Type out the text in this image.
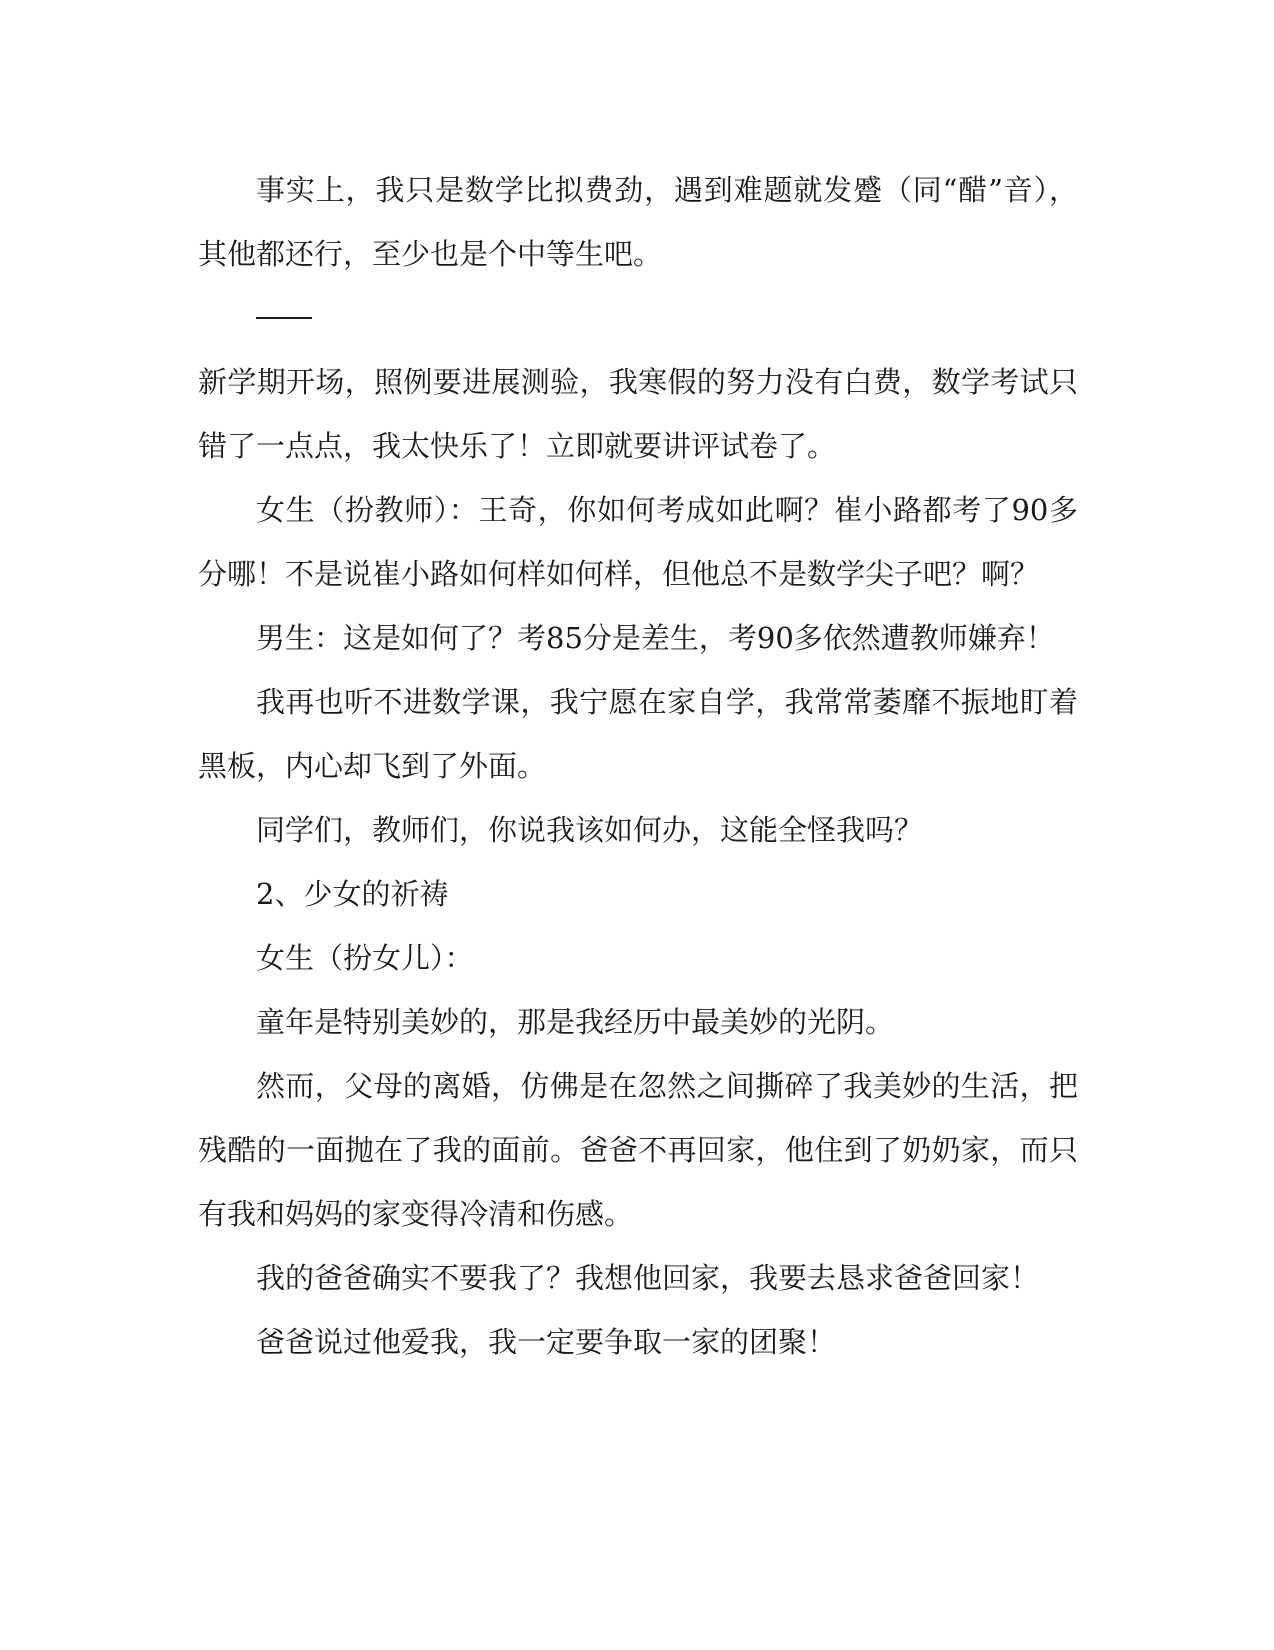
事实上，我只是数学比拟费劲，遇到难题就发蹙（同“醋”音），其他都还行，至少也是个中等生吧。

新学期开场，照例要进展测验，我寒假的努力没有白费，数学考试只错了一点点，我太快乐了！立即就要讲评试卷了。

女生（扮教师）：王奇，你如何考成如此啊？崔小路都考了90多分哪！不是说崔小路如何样如何样，但他总不是数学尖子吧？啊？

男生：这是如何了？考85分是差生，考90多依然遭教师嫌弃！

我再也听不进数学课，我宁愿在家自学，我常常萎靡不振地盯着黑板，内心却飞到了外面。

同学们，教师们，你说我该如何办，这能全怪我吗？

2、少女的祈祷

女生（扮女儿）：

童年是特别美妙的，那是我经历中最美妙的光阴。

然而，父母的离婚，仿佛是在忽然之间撕碎了我美妙的生活，把残酷的一面抛在了我的面前。爸爸不再回家，他住到了奶奶家，而只有我和妈妈的家变得冷清和伤感。

我的爸爸确实不要我了？我想他回家，我要去恳求爸爸回家！

爸爸说过他爱我，我一定要争取一家的团聚！
